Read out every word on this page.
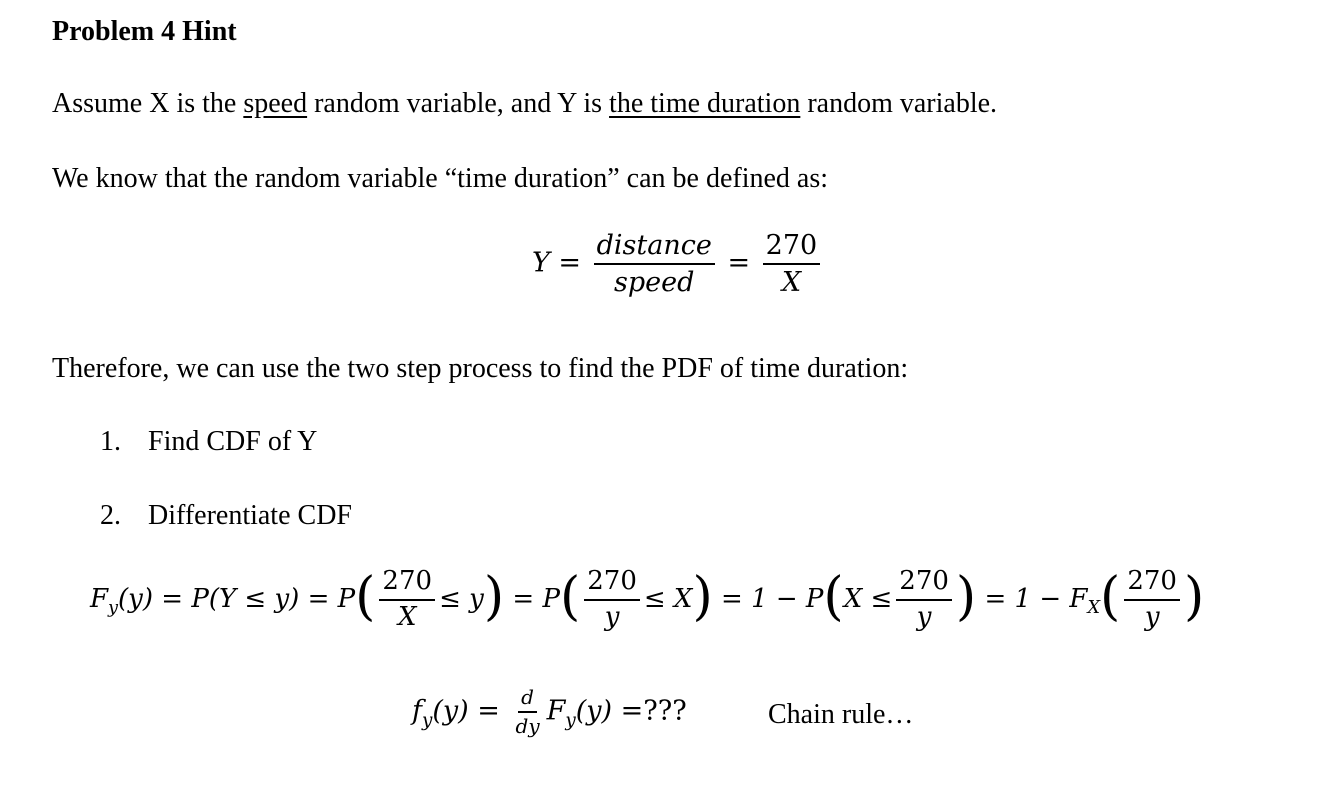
Problem 4 Hint
Assume X is the speed random variable, and Y is the time duration random variable.
We know that the random variable “time duration” can be defined as:
$Y = \frac{\text{distance}}{\text{speed}} = \frac{270}{X}$
Therefore, we can use the two step process to find the PDF of time duration:
1. Find CDF of Y
2. Differentiate CDF
$F_y(y) = P(Y \le y) = P( \frac{270}{X} \le y) = P( \frac{270}{y} \le X) = 1 - P(X \le \frac{270}{y}$ ) = $1 - F_X( \frac{270}{y}$ )
$f_y(y) = \frac{d}{dy} F_y(y)$ =???	Chain rule…
